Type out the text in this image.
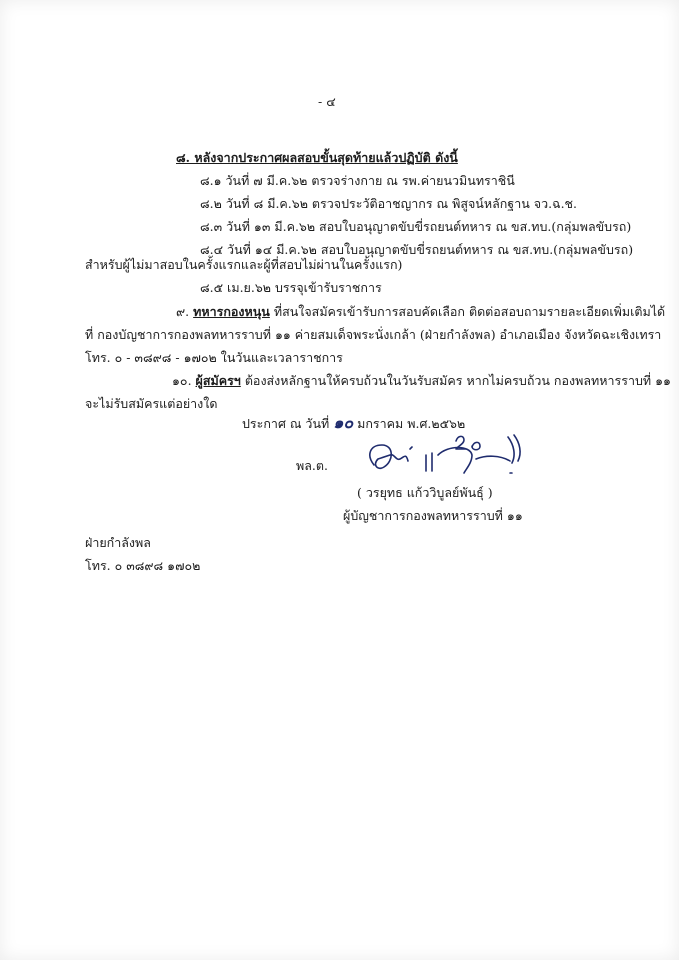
- ๔
๘. หลังจากประกาศผลสอบขั้นสุดท้ายแล้วปฏิบัติ ดังนี้
๘.๑ วันที่ ๗ มี.ค.๖๒ ตรวจร่างกาย ณ รพ.ค่ายนวมินทราชินี
๘.๒ วันที่ ๘ มี.ค.๖๒ ตรวจประวัติอาชญากร ณ พิสูจน์หลักฐาน จว.ฉ.ช.
๘.๓ วันที่ ๑๓ มี.ค.๖๒ สอบใบอนุญาตขับขี่รถยนต์ทหาร ณ ขส.ทบ.(กลุ่มพลขับรถ)
๘.๔ วันที่ ๑๔ มี.ค.๖๒ สอบใบอนุญาตขับขี่รถยนต์ทหาร ณ ขส.ทบ.(กลุ่มพลขับรถ)
สำหรับผู้ไม่มาสอบในครั้งแรกและผู้ที่สอบไม่ผ่านในครั้งแรก)
๘.๕ เม.ย.๖๒ บรรจุเข้ารับราชการ
๙. ทหารกองหนุน ที่สนใจสมัครเข้ารับการสอบคัดเลือก ติดต่อสอบถามรายละเอียดเพิ่มเติมได้
ที่ กองบัญชาการกองพลทหารราบที่ ๑๑ ค่ายสมเด็จพระนั่งเกล้า (ฝ่ายกำลังพล) อำเภอเมือง จังหวัดฉะเชิงเทรา
โทร. ๐ - ๓๘๙๘ - ๑๗๐๒ ในวันและเวลาราชการ
๑๐. ผู้สมัครฯ ต้องส่งหลักฐานให้ครบถ้วนในวันรับสมัคร หากไม่ครบถ้วน กองพลทหารราบที่ ๑๑
จะไม่รับสมัครแต่อย่างใด
ประกาศ ณ วันที่ ๑๐ มกราคม พ.ศ.๒๕๖๒
พล.ต.
( วรยุทธ แก้ววิบูลย์พันธุ์ )
ผู้บัญชาการกองพลทหารราบที่ ๑๑
ฝ่ายกำลังพล
โทร. ๐ ๓๘๙๘ ๑๗๐๒
